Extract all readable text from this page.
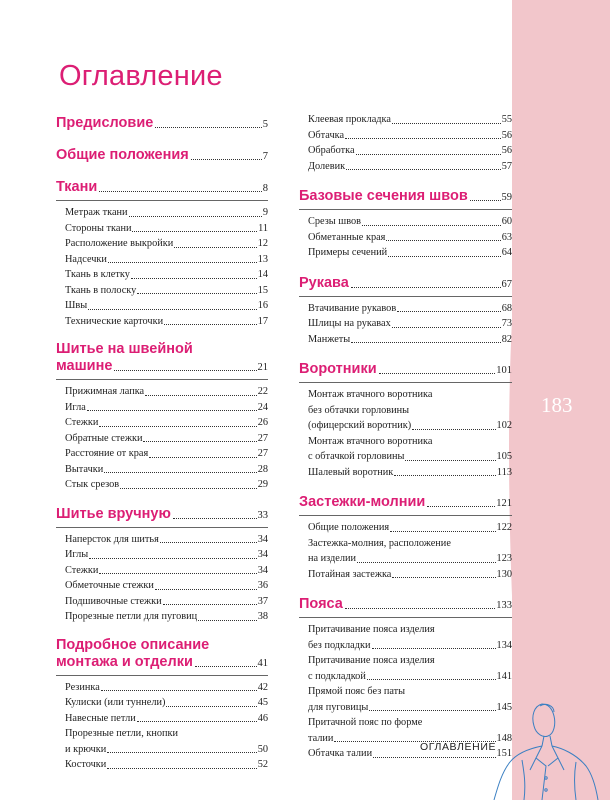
183
Оглавление
Предисловие	5
Общие положения	7
Ткани	8
Метраж ткани	9
Стороны ткани	11
Расположение выкройки	12
Надсечки	13
Ткань в клетку	14
Ткань в полоску	15
Швы	16
Технические карточки	17
Шитье на швейной
машине	21
Прижимная лапка	22
Игла	24
Стежки	26
Обратные стежки	27
Расстояние от края	27
Вытачки	28
Стык срезов	29
Шитье вручную	33
Наперсток для шитья	34
Иглы	34
Стежки	34
Обметочные стежки	36
Подшивочные стежки	37
Прорезные петли для пуговиц	38
Подробное описание
монтажа и отделки	41
Резинка	42
Кулиски (или туннели)	45
Навесные петли	46
Прорезные петли, кнопки
и крючки	50
Косточки	52
Клеевая прокладка	55
Обтачка	56
Обработка	56
Долевик	57
Базовые сечения швов	59
Срезы швов	60
Обметанные края	63
Примеры сечений	64
Рукава	67
Втачивание рукавов	68
Шлицы на рукавах	73
Манжеты	82
Воротники	101
Монтаж втачного воротника
без обтачки горловины
(офицерский воротник)	102
Монтаж втачного воротника
с обтачкой горловины	105
Шалевый воротник	113
Застежки-молнии	121
Общие положения	122
Застежка-молния, расположение
на изделии	123
Потайная застежка	130
Пояса	133
Притачивание пояса изделия
без подкладки	134
Притачивание пояса изделия
с подкладкой	141
Прямой пояс без паты
для пуговицы	145
Притачной пояс по форме
талии	148
Обтачка талии	151
ОГЛАВЛЕНИЕ
